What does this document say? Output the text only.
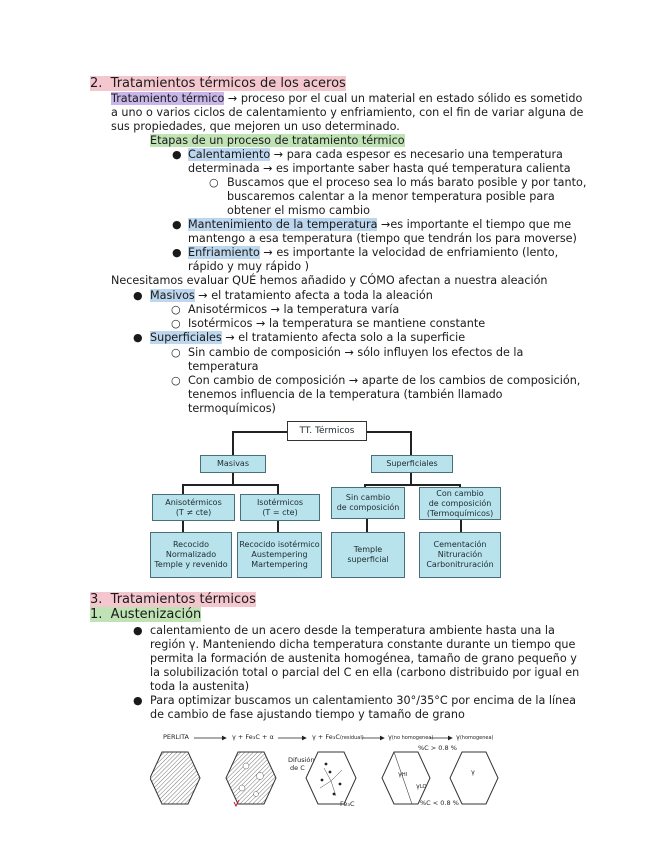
2. Tratamientos térmicos de los aceros
Tratamiento térmico → proceso por el cual un material en estado sólido es sometido
a uno o varios ciclos de calentamiento y enfriamiento, con el fin de variar alguna de
sus propiedades, que mejoren un uso determinado.
Etapas de un proceso de tratamiento térmico
● Calentamiento → para cada espesor es necesario una temperatura
determinada → es importante saber hasta qué temperatura calienta
○ Buscamos que el proceso sea lo más barato posible y por tanto,
buscaremos calentar a la menor temperatura posible para
obtener el mismo cambio
● Mantenimiento de la temperatura →es importante el tiempo que me
mantengo a esa temperatura (tiempo que tendrán los para moverse)
● Enfriamiento → es importante la velocidad de enfriamiento (lento,
rápido y muy rápido )
Necesitamos evaluar QUÉ hemos añadido y CÓMO afectan a nuestra aleación
● Masivos → el tratamiento afecta a toda la aleación
○ Anisotérmicos → la temperatura varía
○ Isotérmicos → la temperatura se mantiene constante
● Superficiales → el tratamiento afecta solo a la superficie
○ Sin cambio de composición → sólo influyen los efectos de la
temperatura
○ Con cambio de composición → aparte de los cambios de composición,
tenemos influencia de la temperatura (también llamado
termoquímicos)
TT. Térmicos
Masivas	Superficiales
Anisotérmicos
(T ≠ cte)
Isotérmicos
(T = cte)
Sin cambio
de composición
Con cambio
de composición
(Termoquímicos)
Recocido
Normalizado
Temple y revenido
Recocido isotérmico
Austempering
Martempering
Temple
superficial
Cementación
Nitruración
Carbonitruración
3. Tratamientos térmicos
1. Austenización
● calentamiento de un acero desde la temperatura ambiente hasta una la
región γ. Manteniendo dicha temperatura constante durante un tiempo que
permita la formación de austenita homogénea, tamaño de grano pequeño y
la solubilización total o parcial del C en ella (carbono distribuido por igual en
toda la austenita)
● Para optimizar buscamos un calentamiento 30°/35°C por encima de la línea
de cambio de fase ajustando tiempo y tamaño de grano
PERLITA	γ + Fe₃C + α	γ + Fe₃C(residual)	γ(no homogenea)	γ(homogenea)
Difusión
de C
Fe₃C
%C > 0.8 %
%C < 0.8 %
γHI
γLO
γ
